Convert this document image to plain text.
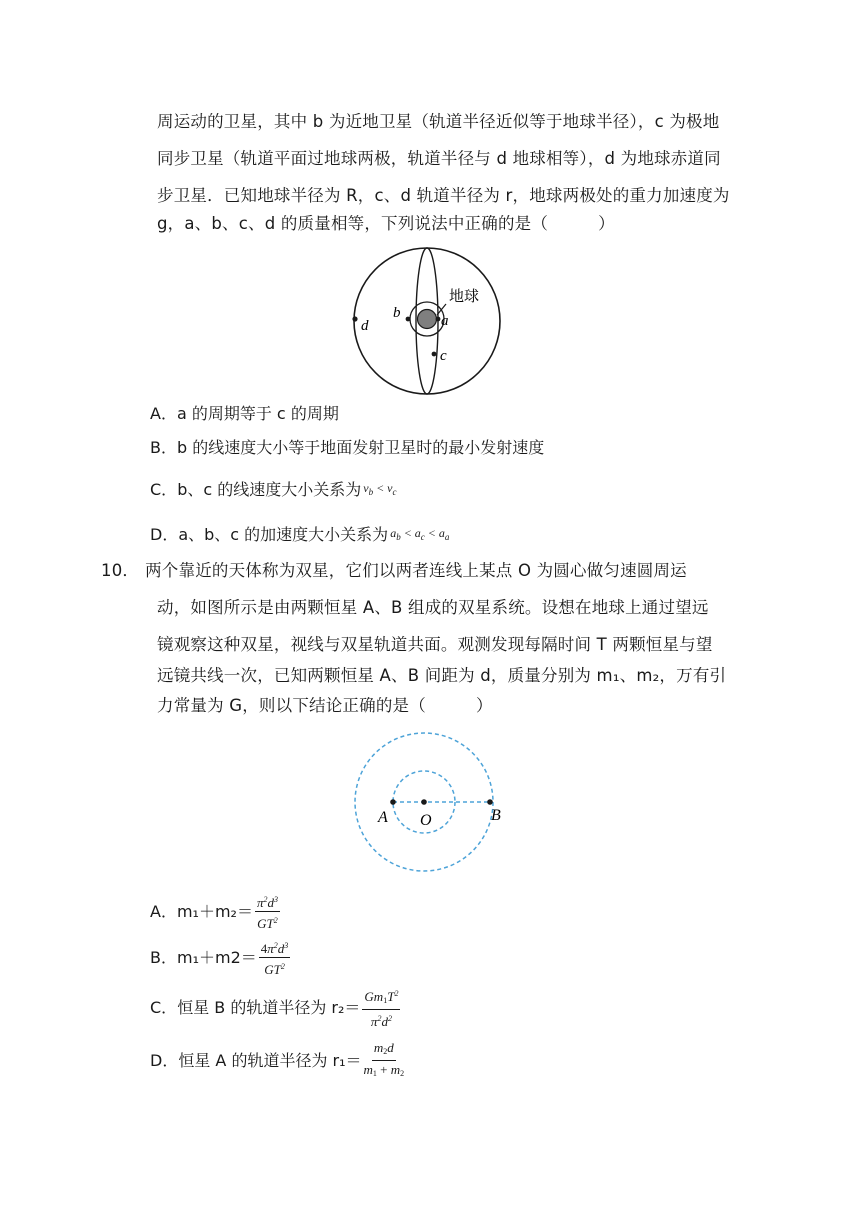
周运动的卫星，其中 b 为近地卫星（轨道半径近似等于地球半径），c 为极地
同步卫星（轨道平面过地球两极，轨道半径与 d 地球相等），d 为地球赤道同
步卫星．已知地球半径为 R，c、d 轨道半径为 r，地球两极处的重力加速度为
g，a、b、c、d 的质量相等，下列说法中正确的是（　　　）
地球
b	a
d
c
A． a 的周期等于 c 的周期
B． b 的线速度大小等于地面发射卫星时的最小发射速度
C． b、c 的线速度大小关系为 $v_b < v_c$
D． a、b、c 的加速度大小关系为 $a_b < a_c < a_a$
10． 两个靠近的天体称为双星，它们以两者连线上某点 O 为圆心做匀速圆周运
动，如图所示是由两颗恒星 A、B 组成的双星系统。设想在地球上通过望远
镜观察这种双星，视线与双星轨道共面。观测发现每隔时间 T 两颗恒星与望
远镜共线一次，已知两颗恒星 A、B 间距为 d，质量分别为 m₁、m₂，万有引
力常量为 G，则以下结论正确的是（　　　）
A O	B
A． $m_1+m_2= \frac{\pi^2d^3}{GT^2}$
B． $m_1+m2= \frac{4\pi^2d^3}{GT^2}$
C． 恒星 B 的轨道半径为 $r_2= \frac{Gm_1T^2}{\pi^2d^2}$
D． 恒星 A 的轨道半径为 $r_1= \frac{m_2d}{m_1 + m_2}$
